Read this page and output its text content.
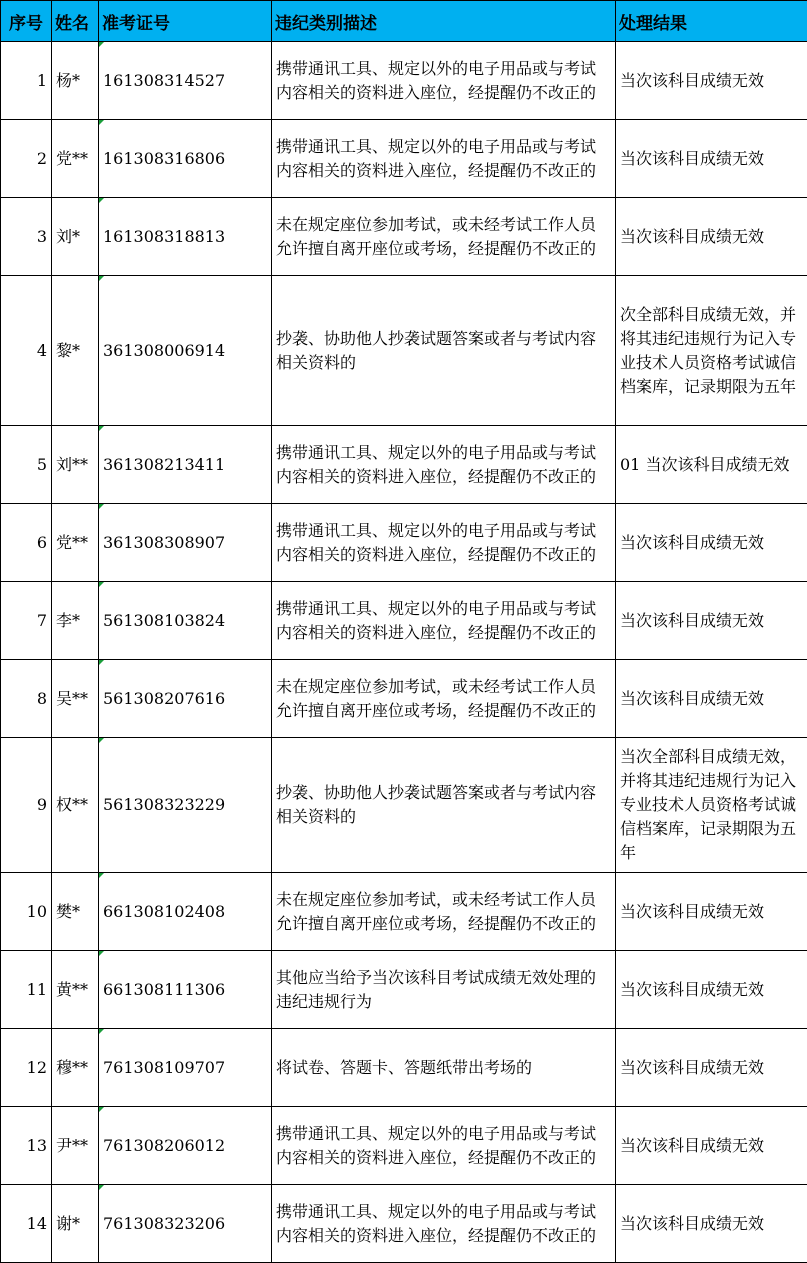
序号	姓名	准考证号	违纪类别描述	处理结果
1	杨*	161308314527	携带通讯工具、规定以外的电子用品或与考试内容相关的资料进入座位，经提醒仍不改正的	当次该科目成绩无效
2	党**	161308316806	携带通讯工具、规定以外的电子用品或与考试内容相关的资料进入座位，经提醒仍不改正的	当次该科目成绩无效
3	刘*	161308318813	未在规定座位参加考试，或未经考试工作人员允许擅自离开座位或考场，经提醒仍不改正的	当次该科目成绩无效
4	黎*	361308006914	抄袭、协助他人抄袭试题答案或者与考试内容相关资料的	次全部科目成绩无效，并将其违纪违规行为记入专业技术人员资格考试诚信档案库，记录期限为五年
5	刘**	361308213411	携带通讯工具、规定以外的电子用品或与考试内容相关的资料进入座位，经提醒仍不改正的	01 当次该科目成绩无效
6	党**	361308308907	携带通讯工具、规定以外的电子用品或与考试内容相关的资料进入座位，经提醒仍不改正的	当次该科目成绩无效
7	李*	561308103824	携带通讯工具、规定以外的电子用品或与考试内容相关的资料进入座位，经提醒仍不改正的	当次该科目成绩无效
8	吴**	561308207616	未在规定座位参加考试，或未经考试工作人员允许擅自离开座位或考场，经提醒仍不改正的	当次该科目成绩无效
9	权**	561308323229	抄袭、协助他人抄袭试题答案或者与考试内容相关资料的	当次全部科目成绩无效，并将其违纪违规行为记入专业技术人员资格考试诚信档案库，记录期限为五年
10	樊*	661308102408	未在规定座位参加考试，或未经考试工作人员允许擅自离开座位或考场，经提醒仍不改正的	当次该科目成绩无效
11	黄**	661308111306	其他应当给予当次该科目考试成绩无效处理的违纪违规行为	当次该科目成绩无效
12	穆**	761308109707	将试卷、答题卡、答题纸带出考场的	当次该科目成绩无效
13	尹**	761308206012	携带通讯工具、规定以外的电子用品或与考试内容相关的资料进入座位，经提醒仍不改正的	当次该科目成绩无效
14	谢*	761308323206	携带通讯工具、规定以外的电子用品或与考试内容相关的资料进入座位，经提醒仍不改正的	当次该科目成绩无效
